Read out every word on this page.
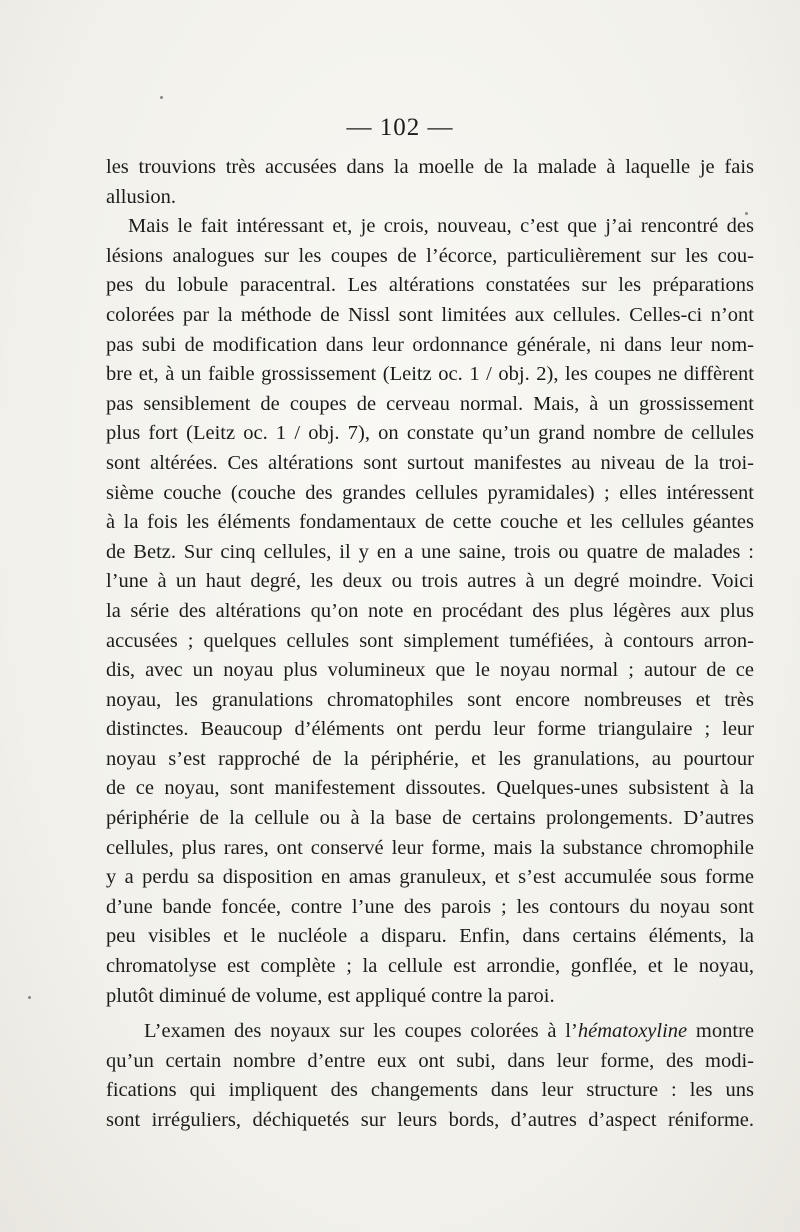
— 102 —
les trouvions très accusées dans la moelle de la malade à laquelle je fais
allusion.
Mais le fait intéressant et, je crois, nouveau, c’est que j’ai rencontré des
lésions analogues sur les coupes de l’écorce, particulièrement sur les cou-
pes du lobule paracentral. Les altérations constatées sur les préparations
colorées par la méthode de Nissl sont limitées aux cellules. Celles-ci n’ont
pas subi de modification dans leur ordonnance générale, ni dans leur nom-
bre et, à un faible grossissement (Leitz oc. 1 / obj. 2), les coupes ne diffèrent
pas sensiblement de coupes de cerveau normal. Mais, à un grossissement
plus fort (Leitz oc. 1 / obj. 7), on constate qu’un grand nombre de cellules
sont altérées. Ces altérations sont surtout manifestes au niveau de la troi-
sième couche (couche des grandes cellules pyramidales) ; elles intéressent
à la fois les éléments fondamentaux de cette couche et les cellules géantes
de Betz. Sur cinq cellules, il y en a une saine, trois ou quatre de malades :
l’une à un haut degré, les deux ou trois autres à un degré moindre. Voici
la série des altérations qu’on note en procédant des plus légères aux plus
accusées ; quelques cellules sont simplement tuméfiées, à contours arron-
dis, avec un noyau plus volumineux que le noyau normal ; autour de ce
noyau, les granulations chromatophiles sont encore nombreuses et très
distinctes. Beaucoup d’éléments ont perdu leur forme triangulaire ; leur
noyau s’est rapproché de la périphérie, et les granulations, au pourtour
de ce noyau, sont manifestement dissoutes. Quelques-unes subsistent à la
périphérie de la cellule ou à la base de certains prolongements. D’autres
cellules, plus rares, ont conservé leur forme, mais la substance chromophile
y a perdu sa disposition en amas granuleux, et s’est accumulée sous forme
d’une bande foncée, contre l’une des parois ; les contours du noyau sont
peu visibles et le nucléole a disparu. Enfin, dans certains éléments, la
chromatolyse est complète ; la cellule est arrondie, gonflée, et le noyau,
plutôt diminué de volume, est appliqué contre la paroi.
L’examen des noyaux sur les coupes colorées à l’hématoxyline montre
qu’un certain nombre d’entre eux ont subi, dans leur forme, des modi-
fications qui impliquent des changements dans leur structure : les uns
sont irréguliers, déchiquetés sur leurs bords, d’autres d’aspect réniforme.
